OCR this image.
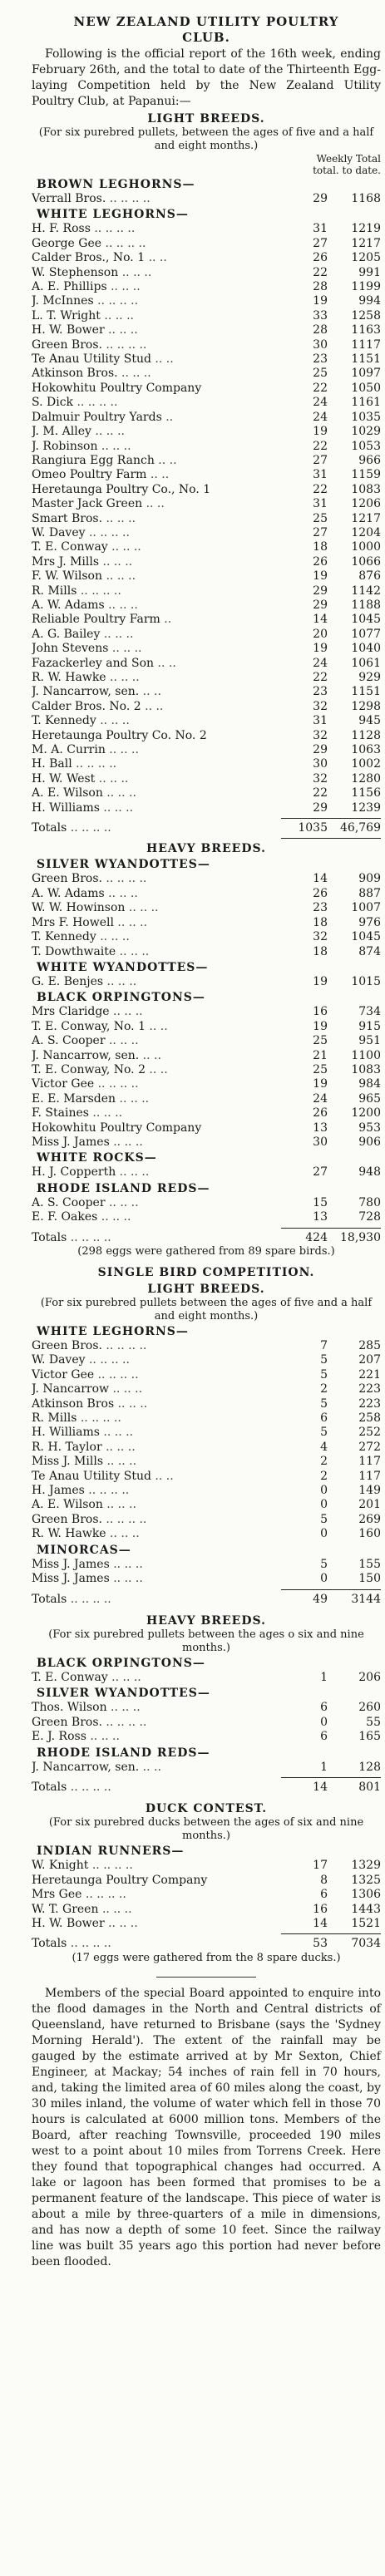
NEW ZEALAND UTILITY POULTRY
CLUB.

Following is the official report of the 16th week, ending February 26th, and the total to date of the Thirteenth Egg-laying Competition held by the New Zealand Utility Poultry Club, at Papanui:—

LIGHT BREEDS.

(For six purebred pullets, between the ages of five and a half and eight months.)

Weekly Total

total. to date.

BROWN LEGHORNS—
Verrall Bros. .. .. .. ..	29	1168
WHITE LEGHORNS—
H. F. Ross .. .. .. ..	31	1219
George Gee .. .. .. ..	27	1217
Calder Bros., No. 1 .. ..	26	1205
W. Stephenson .. .. ..	22	991
A. E. Phillips .. .. ..	28	1199
J. McInnes .. .. .. ..	19	994
L. T. Wright .. .. ..	33	1258
H. W. Bower .. .. ..	28	1163
Green Bros. .. .. .. ..	30	1117
Te Anau Utility Stud .. ..	23	1151
Atkinson Bros. .. .. ..	25	1097
Hokowhitu Poultry Company	22	1050
S. Dick .. .. .. ..	24	1161
Dalmuir Poultry Yards ..	24	1035
J. M. Alley .. .. ..	19	1029
J. Robinson .. .. ..	22	1053
Rangiura Egg Ranch .. ..	27	966
Omeo Poultry Farm .. ..	31	1159
Heretaunga Poultry Co., No. 1	22	1083
Master Jack Green .. ..	31	1206
Smart Bros. .. .. ..	25	1217
W. Davey .. .. .. ..	27	1204
T. E. Conway .. .. ..	18	1000
Mrs J. Mills .. .. ..	26	1066
F. W. Wilson .. .. ..	19	876
R. Mills .. .. .. ..	29	1142
A. W. Adams .. .. ..	29	1188
Reliable Poultry Farm ..	14	1045
A. G. Bailey .. .. ..	20	1077
John Stevens .. .. ..	19	1040
Fazackerley and Son .. ..	24	1061
R. W. Hawke .. .. ..	22	929
J. Nancarrow, sen. .. ..	23	1151
Calder Bros. No. 2 .. ..	32	1298
T. Kennedy .. .. ..	31	945
Heretaunga Poultry Co. No. 2	32	1128
M. A. Currin .. .. ..	29	1063
H. Ball .. .. .. ..	30	1002
H. W. West .. .. ..	32	1280
A. E. Wilson .. .. ..	22	1156
H. Williams .. .. ..	29	1239
Totals .. .. .. ..	1035	46,769
HEAVY BREEDS.
SILVER WYANDOTTES—
Green Bros. .. .. .. ..	14	909
A. W. Adams .. .. ..	26	887
W. W. Howinson .. .. ..	23	1007
Mrs F. Howell .. .. ..	18	976
T. Kennedy .. .. ..	32	1045
T. Dowthwaite .. .. ..	18	874
WHITE WYANDOTTES—
G. E. Benjes .. .. ..	19	1015
BLACK ORPINGTONS—
Mrs Claridge .. .. ..	16	734
T. E. Conway, No. 1 .. ..	19	915
A. S. Cooper .. .. ..	25	951
J. Nancarrow, sen. .. ..	21	1100
T. E. Conway, No. 2 .. ..	25	1083
Victor Gee .. .. .. ..	19	984
E. E. Marsden .. .. ..	24	965
F. Staines .. .. ..	26	1200
Hokowhitu Poultry Company	13	953
Miss J. James .. .. ..	30	906
WHITE ROCKS—
H. J. Copperth .. .. ..	27	948
RHODE ISLAND REDS—
A. S. Cooper .. .. ..	15	780
E. F. Oakes .. .. ..	13	728
Totals .. .. .. ..	424	18,930

(298 eggs were gathered from 89 spare birds.)

SINGLE BIRD COMPETITION.
LIGHT BREEDS.

(For six purebred pullets between the ages of five and a half and eight months.)

WHITE LEGHORNS—
Green Bros. .. .. .. ..	7	285
W. Davey .. .. .. ..	5	207
Victor Gee .. .. .. ..	5	221
J. Nancarrow .. .. ..	2	223
Atkinson Bros .. .. ..	5	223
R. Mills .. .. .. ..	6	258
H. Williams .. .. ..	5	252
R. H. Taylor .. .. ..	4	272
Miss J. Mills .. .. ..	2	117
Te Anau Utility Stud .. ..	2	117
H. James .. .. .. ..	0	149
A. E. Wilson .. .. ..	0	201
Green Bros. .. .. .. ..	5	269
R. W. Hawke .. .. ..	0	160
MINORCAS—
Miss J. James .. .. ..	5	155
Miss J. James .. .. ..	0	150
Totals .. .. .. ..	49	3144
HEAVY BREEDS.

(For six purebred pullets between the ages o six and nine months.)

BLACK ORPINGTONS—
T. E. Conway .. .. ..	1	206
SILVER WYANDOTTES—
Thos. Wilson .. .. ..	6	260
Green Bros. .. .. .. ..	0	55
E. J. Ross .. .. ..	6	165
RHODE ISLAND REDS—
J. Nancarrow, sen. .. ..	1	128
Totals .. .. .. ..	14	801
DUCK CONTEST.

(For six purebred ducks between the ages of six and nine months.)

INDIAN RUNNERS—
W. Knight .. .. .. ..	17	1329
Heretaunga Poultry Company	8	1325
Mrs Gee .. .. .. ..	6	1306
W. T. Green .. .. ..	16	1443
H. W. Bower .. .. ..	14	1521
Totals .. .. .. ..	53	7034

(17 eggs were gathered from the 8 spare ducks.)

Members of the special Board appointed to enquire into the flood damages in the North and Central districts of Queensland, have returned to Brisbane (says the 'Sydney Morning Herald'). The extent of the rainfall may be gauged by the estimate arrived at by Mr Sexton, Chief Engineer, at Mackay; 54 inches of rain fell in 70 hours, and, taking the limited area of 60 miles along the coast, by 30 miles inland, the volume of water which fell in those 70 hours is calculated at 6000 million tons. Members of the Board, after reaching Townsville, proceeded 190 miles west to a point about 10 miles from Torrens Creek. Here they found that topographical changes had occurred. A lake or lagoon has been formed that promises to be a permanent feature of the landscape. This piece of water is about a mile by three-quarters of a mile in dimensions, and has now a depth of some 10 feet. Since the railway line was built 35 years ago this portion had never before been flooded.
